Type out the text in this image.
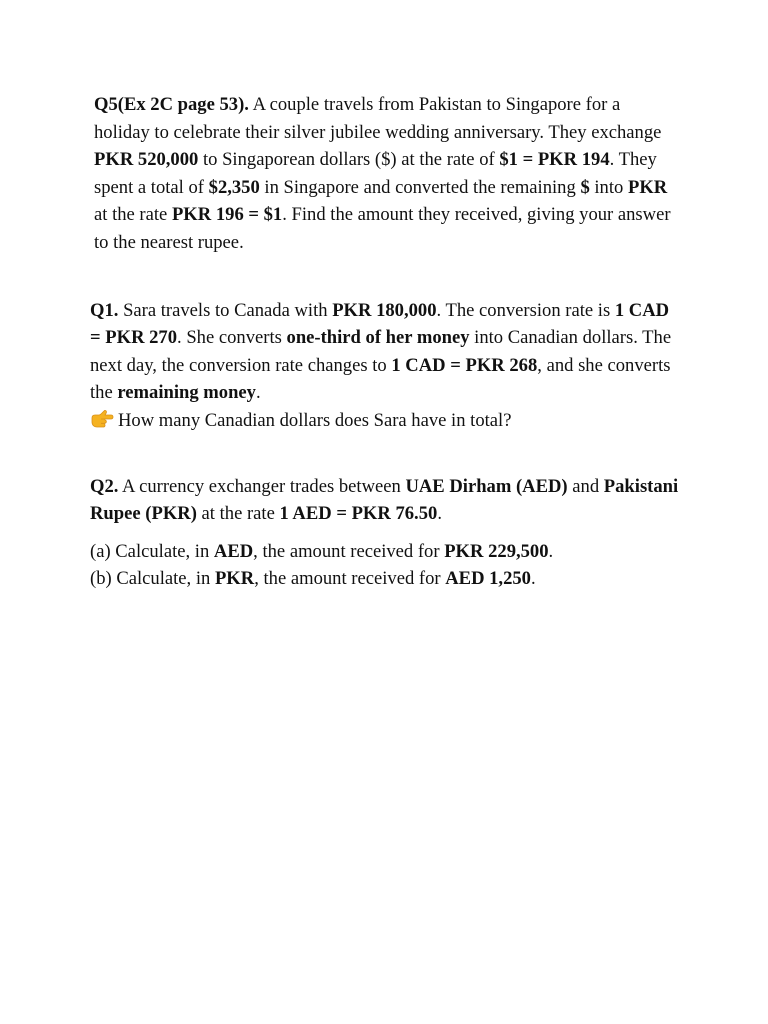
Q5(Ex 2C page 53). A couple travels from Pakistan to Singapore for a holiday to celebrate their silver jubilee wedding anniversary. They exchange PKR 520,000 to Singaporean dollars ($) at the rate of $1 = PKR 194. They spent a total of $2,350 in Singapore and converted the remaining $ into PKR at the rate PKR 196 = $1. Find the amount they received, giving your answer to the nearest rupee.

Q1. Sara travels to Canada with PKR 180,000. The conversion rate is 1 CAD = PKR 270. She converts one-third of her money into Canadian dollars. The next day, the conversion rate changes to 1 CAD = PKR 268, and she converts the remaining money.

How many Canadian dollars does Sara have in total?

Q2. A currency exchanger trades between UAE Dirham (AED) and Pakistani Rupee (PKR) at the rate 1 AED = PKR 76.50.

(a) Calculate, in AED, the amount received for PKR 229,500.

(b) Calculate, in PKR, the amount received for AED 1,250.
